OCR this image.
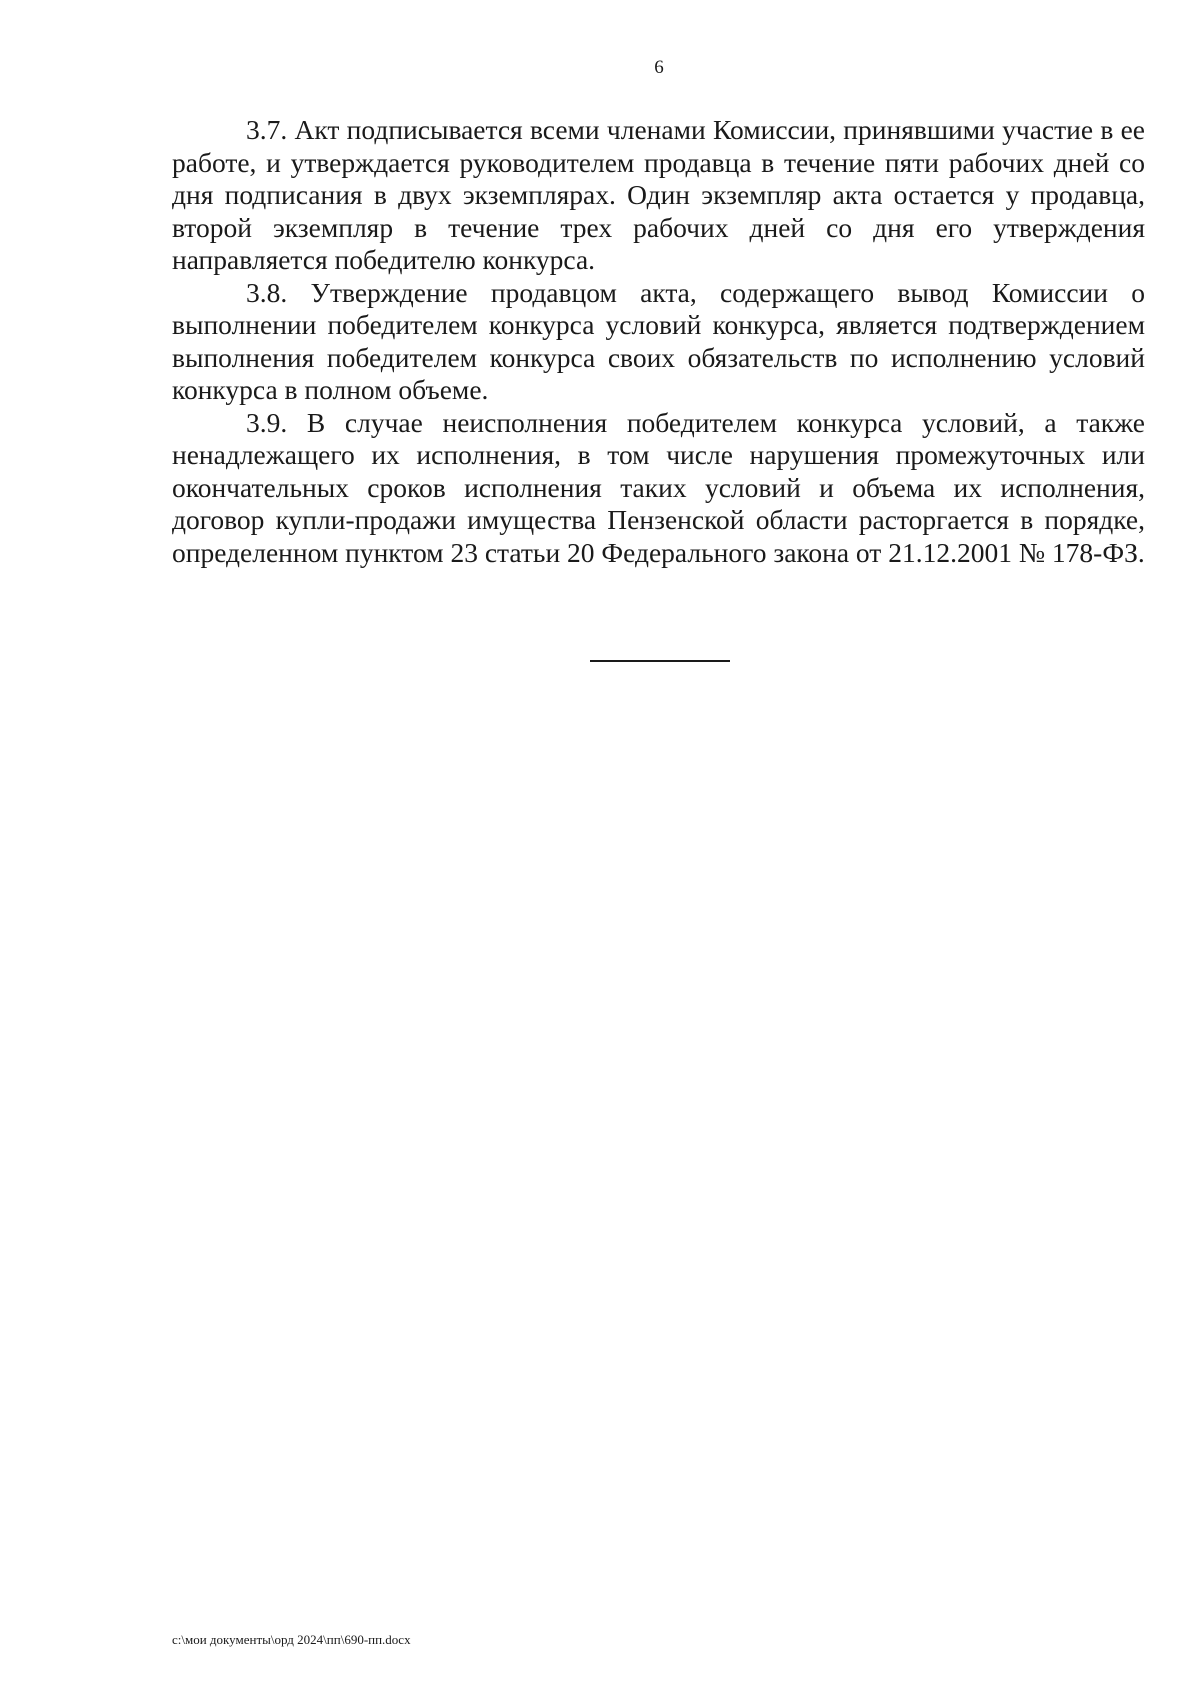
6

3.7. Акт подписывается всеми членами Комиссии, принявшими участие в ее работе, и утверждается руководителем продавца в течение пяти рабочих дней со дня подписания в двух экземплярах. Один экземпляр акта остается у продавца, второй экземпляр в течение трех рабочих дней со дня его утверждения направляется победителю конкурса.

3.8. Утверждение продавцом акта, содержащего вывод Комиссии о выполнении победителем конкурса условий конкурса, является подтверждением выполнения победителем конкурса своих обязательств по исполнению условий конкурса в полном объеме.

3.9. В случае неисполнения победителем конкурса условий, а также ненадлежащего их исполнения, в том числе нарушения промежуточных или окончательных сроков исполнения таких условий и объема их исполнения, договор купли-продажи имущества Пензенской области расторгается в порядке, определенном пунктом 23 статьи 20 Федерального закона от 21.12.2001 № 178-ФЗ.

c:\мои документы\орд 2024\пп\690-пп.docx
